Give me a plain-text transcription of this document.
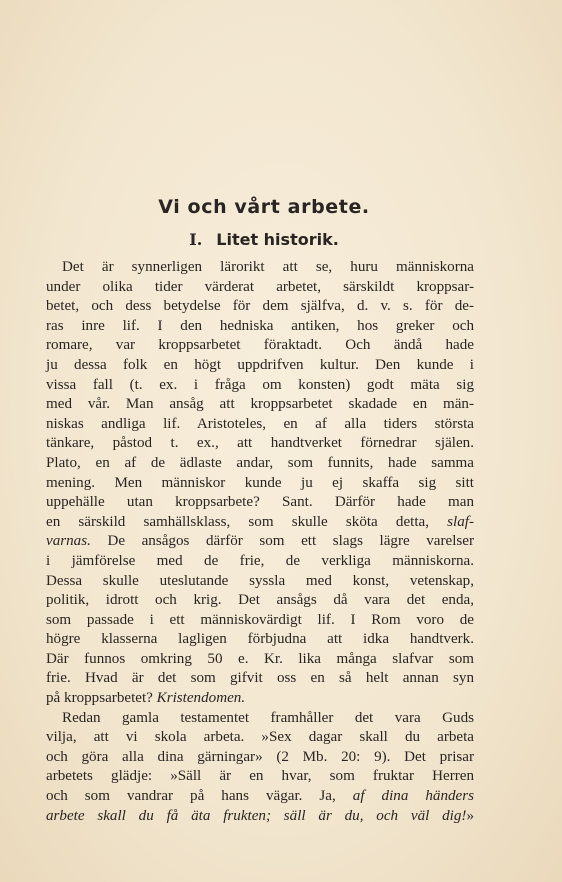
Vi och vårt arbete.
I. Litet historik.
Det är synnerligen lärorikt att se, huru människorna
under olika tider värderat arbetet, särskildt kroppsar-
betet, och dess betydelse för dem själfva, d. v. s. för de-
ras inre lif. I den hedniska antiken, hos greker och
romare, var kroppsarbetet föraktadt. Och ändå hade
ju dessa folk en högt uppdrifven kultur. Den kunde i
vissa fall (t. ex. i fråga om konsten) godt mäta sig
med vår. Man ansåg att kroppsarbetet skadade en män-
niskas andliga lif. Aristoteles, en af alla tiders största
tänkare, påstod t. ex., att handtverket förnedrar själen.
Plato, en af de ädlaste andar, som funnits, hade samma
mening. Men människor kunde ju ej skaffa sig sitt
uppehälle utan kroppsarbete? Sant. Därför hade man
en särskild samhällsklass, som skulle sköta detta, slaf-
varnas. De ansågos därför som ett slags lägre varelser
i jämförelse med de frie, de verkliga människorna.
Dessa skulle uteslutande syssla med konst, vetenskap,
politik, idrott och krig. Det ansågs då vara det enda,
som passade i ett människovärdigt lif. I Rom voro de
högre klasserna lagligen förbjudna att idka handtverk.
Där funnos omkring 50 e. Kr. lika många slafvar som
frie. Hvad är det som gifvit oss en så helt annan syn
på kroppsarbetet? Kristendomen.
Redan gamla testamentet framhåller det vara Guds
vilja, att vi skola arbeta. »Sex dagar skall du arbeta
och göra alla dina gärningar» (2 Mb. 20: 9). Det prisar
arbetets glädje: »Säll är en hvar, som fruktar Herren
och som vandrar på hans vägar. Ja, af dina händers
arbete skall du få äta frukten; säll är du, och väl dig!»
